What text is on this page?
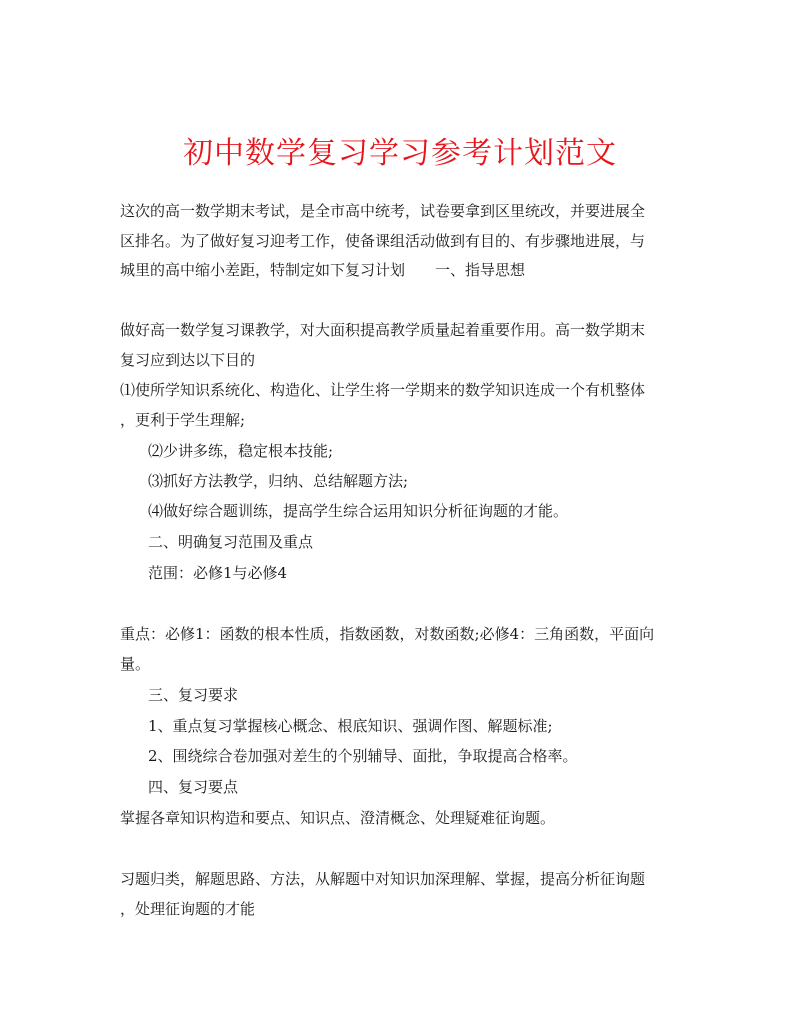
初中数学复习学习参考计划范文
这次的高一数学期末考试，是全市高中统考，试卷要拿到区里统改，并要进展全
区排名。为了做好复习迎考工作，使备课组活动做到有目的、有步骤地进展，与
城里的高中缩小差距，特制定如下复习计划　　一、指导思想
做好高一数学复习课教学，对大面积提高教学质量起着重要作用。高一数学期末
复习应到达以下目的
⑴使所学知识系统化、构造化、让学生将一学期来的数学知识连成一个有机整体
，更利于学生理解;
⑵少讲多练，稳定根本技能;
⑶抓好方法教学，归纳、总结解题方法;
⑷做好综合题训练，提高学生综合运用知识分析征询题的才能。
二、明确复习范围及重点
范围：必修1与必修4
重点：必修1：函数的根本性质，指数函数，对数函数;必修4：三角函数，平面向
量。
三、复习要求
1、重点复习掌握核心概念、根底知识、强调作图、解题标准;
2、围绕综合卷加强对差生的个别辅导、面批，争取提高合格率。
四、复习要点
掌握各章知识构造和要点、知识点、澄清概念、处理疑难征询题。
习题归类，解题思路、方法，从解题中对知识加深理解、掌握，提高分析征询题
，处理征询题的才能
